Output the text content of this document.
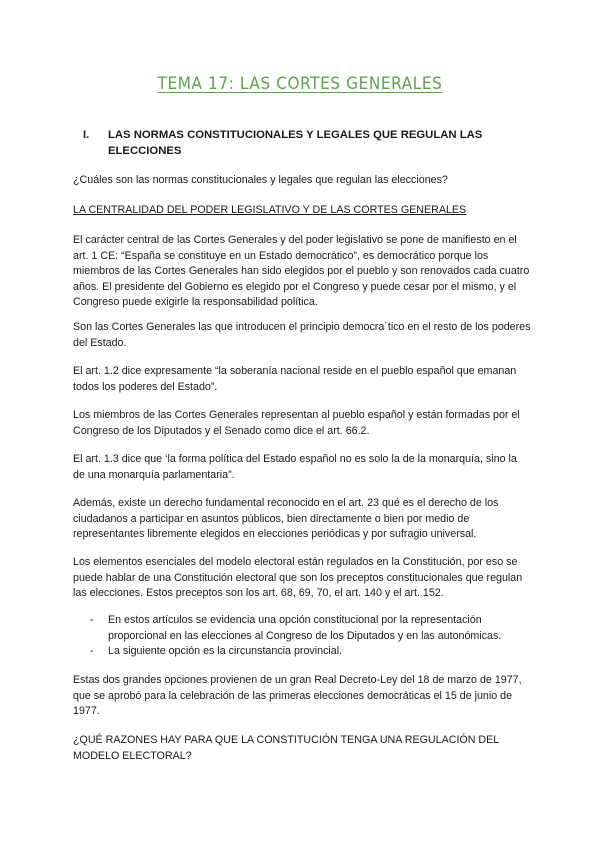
TEMA 17: LAS CORTES GENERALES
I. LAS NORMAS CONSTITUCIONALES Y LEGALES QUE REGULAN LAS ELECCIONES

¿Cuáles son las normas constitucionales y legales que regulan las elecciones?

LA CENTRALIDAD DEL PODER LEGISLATIVO Y DE LAS CORTES GENERALES

El carácter central de las Cortes Generales y del poder legislativo se pone de manifiesto en el art. 1 CE: “España se constituye en un Estado democrático”, es democrático porque los miembros de las Cortes Generales han sido elegidos por el pueblo y son renovados cada cuatro años. El presidente del Gobierno es elegido por el Congreso y puede cesar por el mismo, y el Congreso puede exigirle la responsabilidad política.

Son las Cortes Generales las que introducen el principio democra´tico en el resto de los poderes del Estado.

El art. 1.2 dice expresamente “la soberanía nacional reside en el pueblo español que emanan todos los poderes del Estado”.

Los miembros de las Cortes Generales representan al pueblo español y están formadas por el Congreso de los Diputados y el Senado como dice el art. 66.2.

El art. 1.3 dice que ‘la forma política del Estado español no es solo la de la monarquía, sino la de una monarquía parlamentaria”.

Además, existe un derecho fundamental reconocido en el art. 23 qué es el derecho de los ciudadanos a participar en asuntos públicos, bien directamente o bien por medio de representantes libremente elegidos en elecciones periódicas y por sufragio universal.

Los elementos esenciales del modelo electoral están regulados en la Constitución, por eso se puede hablar de una Constitución electoral que son los preceptos constitucionales que regulan las elecciones. Estos preceptos son los art. 68, 69, 70, el art. 140 y el art. 152.

- En estos artículos se evidencia una opción constitucional por la representación proporcional en las elecciones al Congreso de los Diputados y en las autonómicas.
- La siguiente opción es la circunstancia provincial.

Estas dos grandes opciones provienen de un gran Real Decreto-Ley del 18 de marzo de 1977, que se aprobó para la celebración de las primeras elecciones democráticas el 15 de junio de 1977.

¿QUÉ RAZONES HAY PARA QUE LA CONSTITUCIÓN TENGA UNA REGULACIÓN DEL MODELO ELECTORAL?
